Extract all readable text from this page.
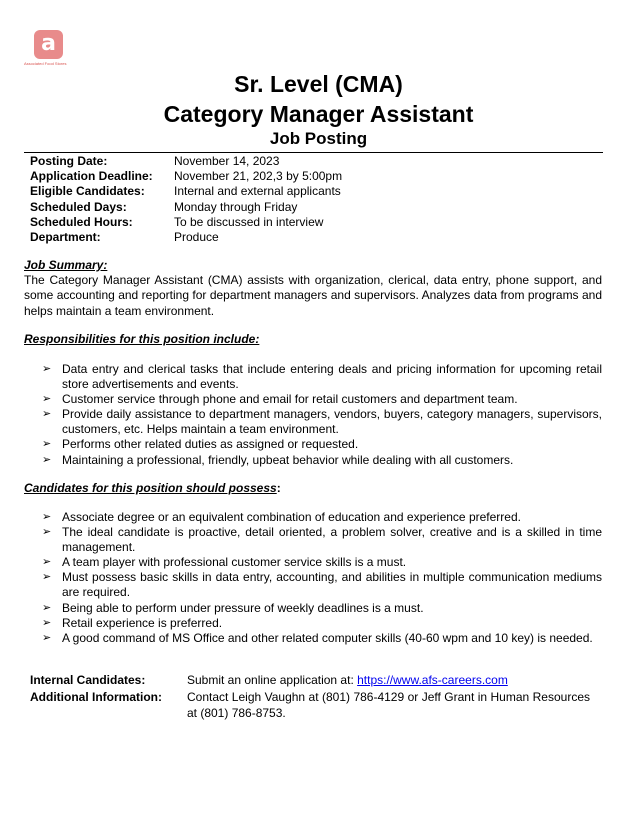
a
Associated Food Stores
Sr. Level (CMA)
Category Manager Assistant
Job Posting
Posting Date:	November 14, 2023
Application Deadline:	November 21, 202,3 by 5:00pm
Eligible Candidates:	Internal and external applicants
Scheduled Days:	Monday through Friday
Scheduled Hours:	To be discussed in interview
Department:	Produce
Job Summary:
The Category Manager Assistant (CMA) assists with organization, clerical, data entry, phone support, and some accounting and reporting for department managers and supervisors. Analyzes data from programs and helps maintain a team environment.
Responsibilities for this position include:
➢ Data entry and clerical tasks that include entering deals and pricing information for upcoming retail store advertisements and events.
➢ Customer service through phone and email for retail customers and department team.
➢ Provide daily assistance to department managers, vendors, buyers, category managers, supervisors, customers, etc. Helps maintain a team environment.
➢ Performs other related duties as assigned or requested.
➢ Maintaining a professional, friendly, upbeat behavior while dealing with all customers.
Candidates for this position should possess:
➢ Associate degree or an equivalent combination of education and experience preferred.
➢ The ideal candidate is proactive, detail oriented, a problem solver, creative and is a skilled in time management.
➢ A team player with professional customer service skills is a must.
➢ Must possess basic skills in data entry, accounting, and abilities in multiple communication mediums are required.
➢ Being able to perform under pressure of weekly deadlines is a must.
➢ Retail experience is preferred.
➢ A good command of MS Office and other related computer skills (40-60 wpm and 10 key) is needed.
Internal Candidates:	Submit an online application at: https://www.afs-careers.com
Additional Information:	Contact Leigh Vaughn at (801) 786-4129 or Jeff Grant in Human Resources at (801) 786-8753.
